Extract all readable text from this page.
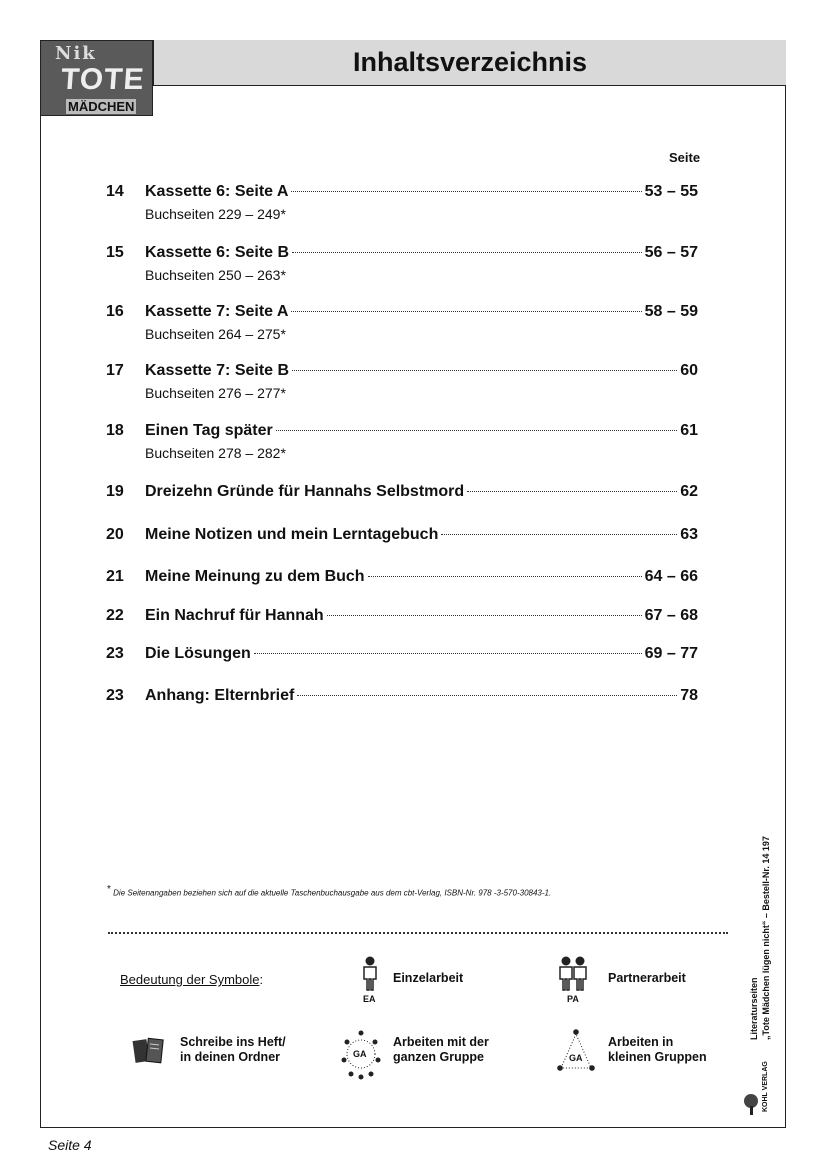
Nik
TOTE
MÄDCHEN
Inhaltsverzeichnis
Seite
14 Kassette 6: Seite A	53 – 55
Buchseiten 229 – 249*
15 Kassette 6: Seite B	56 – 57
Buchseiten 250 – 263*
16 Kassette 7: Seite A	58 – 59
Buchseiten 264 – 275*
17 Kassette 7: Seite B	60
Buchseiten 276 – 277*
18 Einen Tag später	61
Buchseiten 278 – 282*
19 Dreizehn Gründe für Hannahs Selbstmord	62
20 Meine Notizen und mein Lerntagebuch	63
21 Meine Meinung zu dem Buch	64 – 66
22 Ein Nachruf für Hannah	67 – 68
23 Die Lösungen	69 – 77
23 Anhang: Elternbrief	78
* Die Seitenangaben beziehen sich auf die aktuelle Taschenbuchausgabe aus dem cbt-Verlag, ISBN-Nr. 978 -3-570-30843-1.
Bedeutung der Symbole:
EA
Einzelarbeit
PA
Partnerarbeit
Schreibe ins Heft/
in deinen Ordner	GA
Arbeiten mit der
ganzen Gruppe	GA
Arbeiten in
kleinen Gruppen
Literaturseiten „Tote Mädchen lügen nicht“ – Bestell-Nr. 14 197
KOHL VERLAG
Seite 4
